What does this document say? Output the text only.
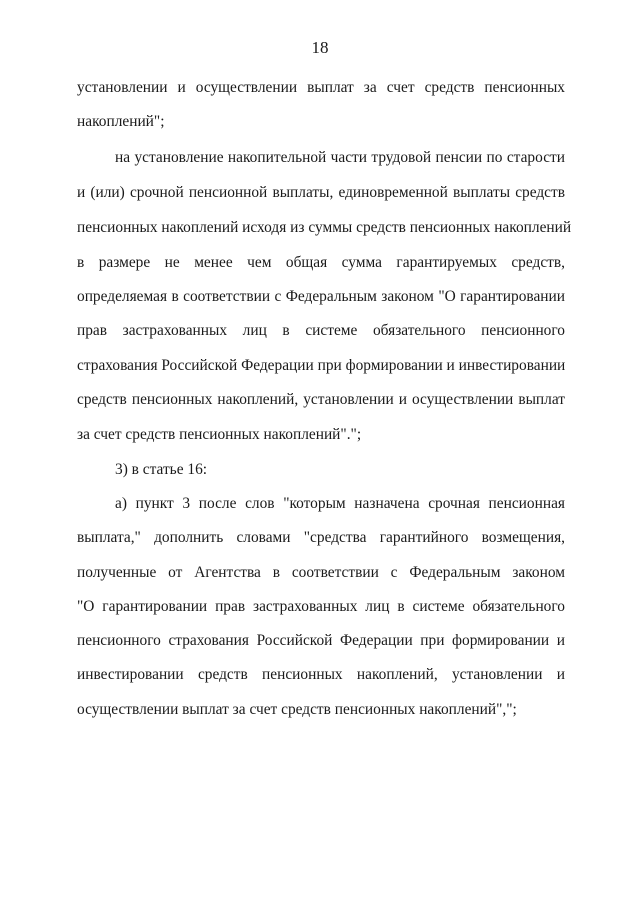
18
установлении и осуществлении выплат за счет средств пенсионных
накоплений";
на установление накопительной части трудовой пенсии по старости
и (или) срочной пенсионной выплаты, единовременной выплаты средств
пенсионных накоплений исходя из суммы средств пенсионных накоплений
в размере не менее чем общая сумма гарантируемых средств,
определяемая в соответствии с Федеральным законом "О гарантировании
прав застрахованных лиц в системе обязательного пенсионного
страхования Российской Федерации при формировании и инвестировании
средств пенсионных накоплений, установлении и осуществлении выплат
за счет средств пенсионных накоплений".";
3) в статье 16:
а) пункт 3 после слов "которым назначена срочная пенсионная
выплата," дополнить словами "средства гарантийного возмещения,
полученные от Агентства в соответствии с Федеральным законом
"О гарантировании прав застрахованных лиц в системе обязательного
пенсионного страхования Российской Федерации при формировании и
инвестировании средств пенсионных накоплений, установлении и
осуществлении выплат за счет средств пенсионных накоплений",";
